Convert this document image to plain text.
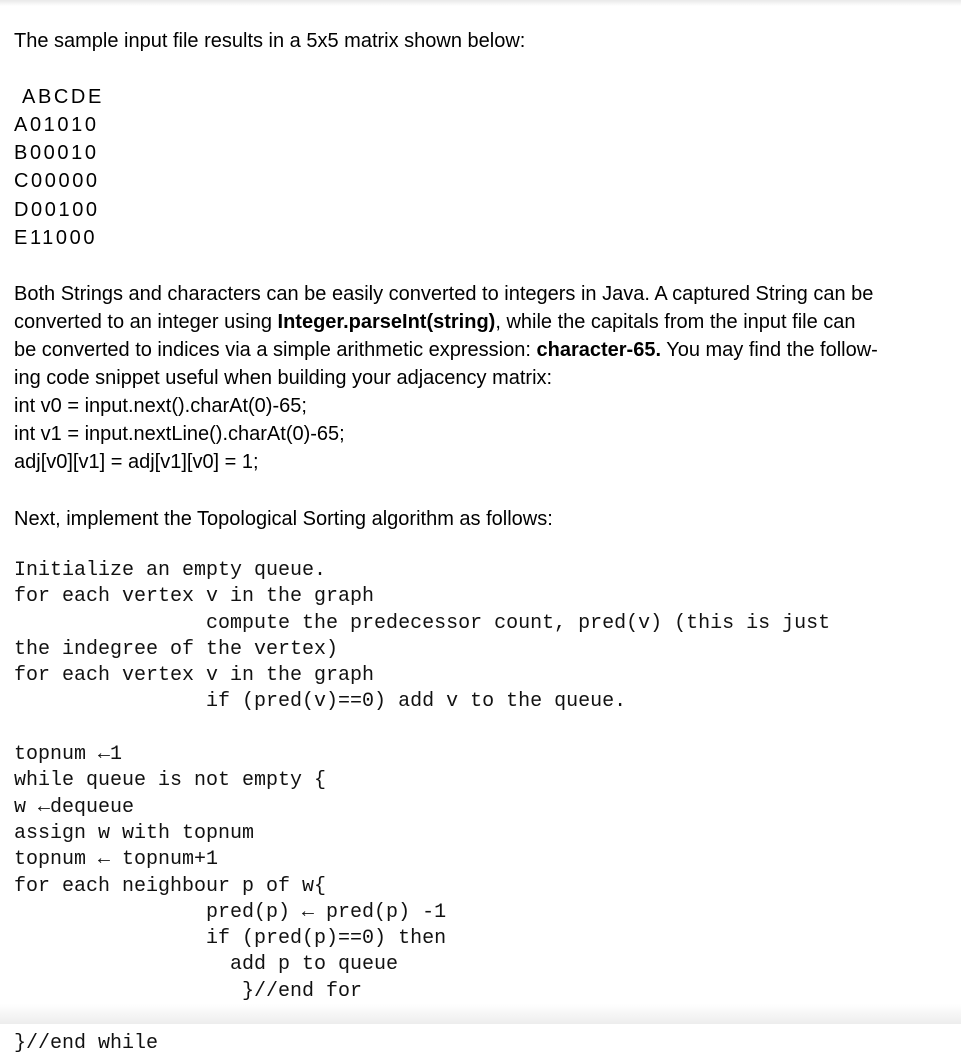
The sample input file results in a 5x5 matrix shown below:
ABCDE
A01010
B00010
C00000
D00100
E11000
Both Strings and characters can be easily converted to integers in Java. A captured String can be
converted to an integer using Integer.parseInt(string), while the capitals from the input file can
be converted to indices via a simple arithmetic expression: character-65. You may find the follow-
ing code snippet useful when building your adjacency matrix:
int v0 = input.next().charAt(0)-65;
int v1 = input.nextLine().charAt(0)-65;
adj[v0][v1] = adj[v1][v0] = 1;
Next, implement the Topological Sorting algorithm as follows:
Initialize an empty queue.
for each vertex v in the graph
compute the predecessor count, pred(v) (this is just
the indegree of the vertex)
for each vertex v in the graph
if (pred(v)==0) add v to the queue.

topnum ←1
while queue is not empty {
w ←dequeue
assign w with topnum
topnum ← topnum+1
for each neighbour p of w{
pred(p) ← pred(p) -1
if (pred(p)==0) then
add p to queue
}//end for

}//end while
